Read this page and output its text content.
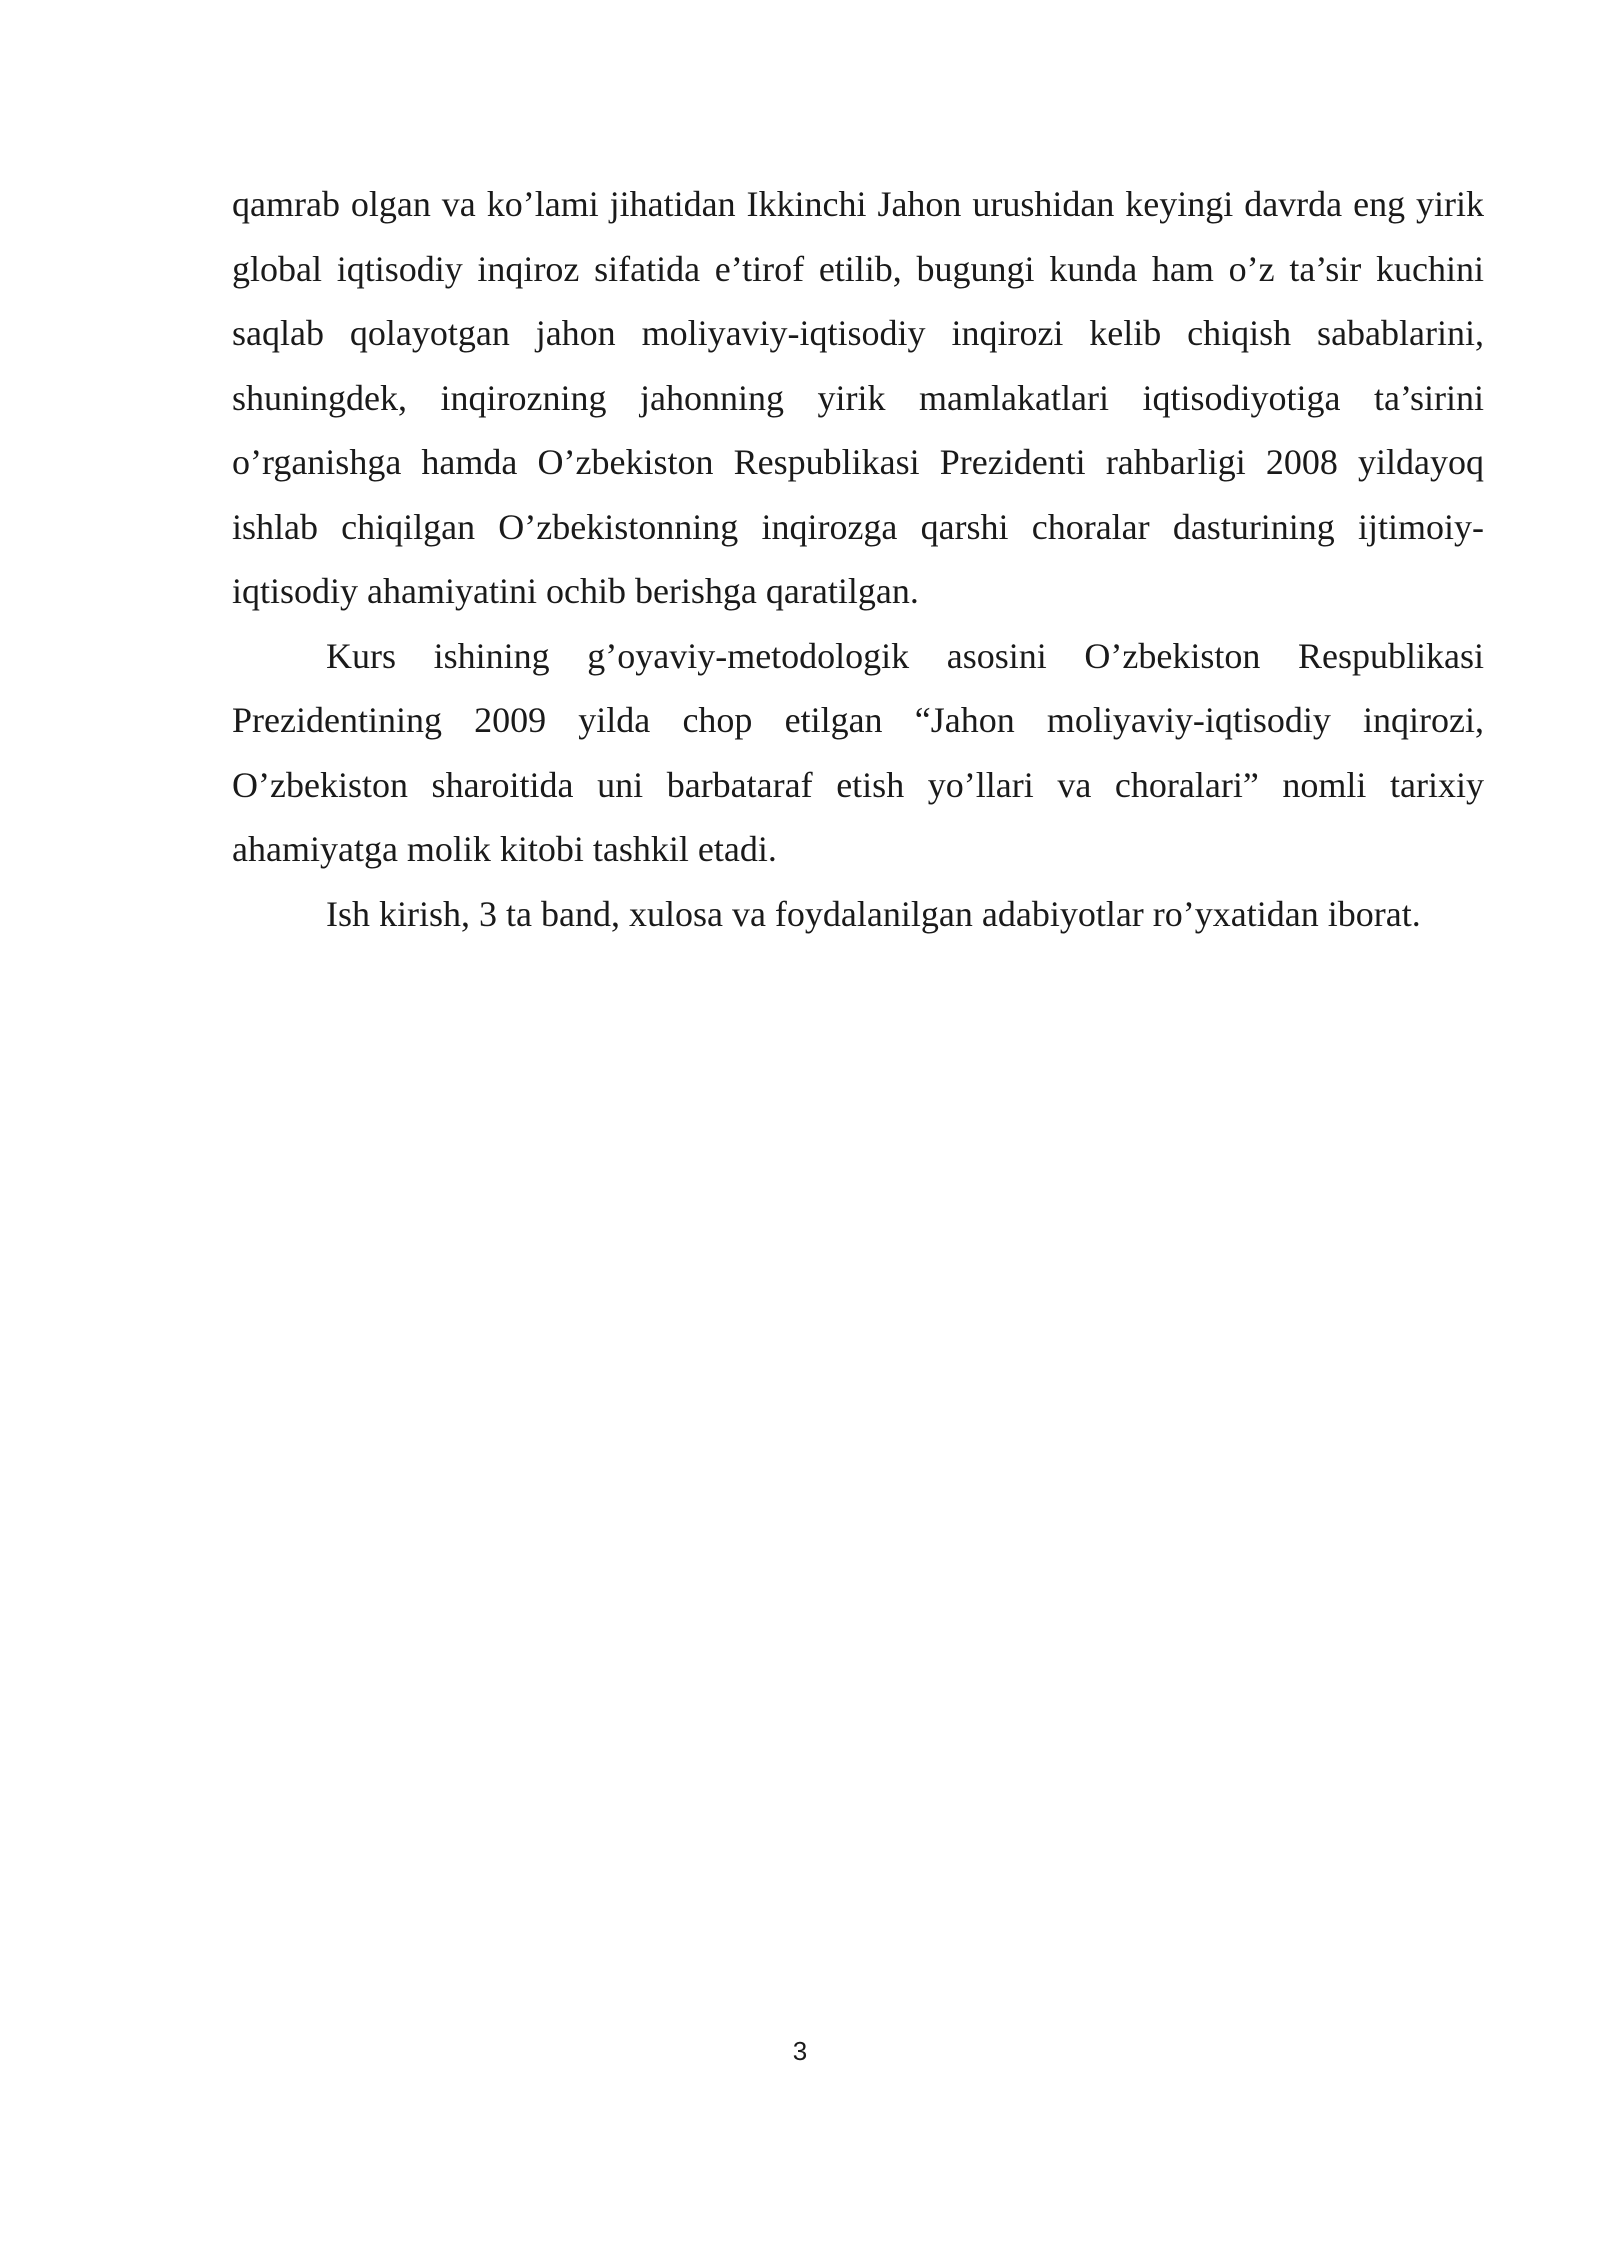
qamrab olgan va ko’lami jihatidan Ikkinchi Jahon urushidan keyingi davrda eng yirik global iqtisodiy inqiroz sifatida e’tirof etilib, bugungi kunda ham o’z ta’sir kuchini saqlab qolayotgan jahon moliyaviy-iqtisodiy inqirozi kelib chiqish sabablarini, shuningdek, inqirozning jahonning yirik mamlakatlari iqtisodiyotiga ta’sirini o’rganishga hamda O’zbekiston Respublikasi Prezidenti rahbarligi 2008 yildayoq ishlab chiqilgan O’zbekistonning inqirozga qarshi choralar dasturining ijtimoiy- iqtisodiy ahamiyatini ochib berishga qaratilgan.

Kurs ishining g’oyaviy-metodologik asosini O’zbekiston Respublikasi Prezidentining 2009 yilda chop etilgan “Jahon moliyaviy-iqtisodiy inqirozi, O’zbekiston sharoitida uni barbataraf etish yo’llari va choralari” nomli tarixiy ahamiyatga molik kitobi tashkil etadi.

Ish kirish, 3 ta band, xulosa va foydalanilgan adabiyotlar ro’yxatidan iborat.

3
